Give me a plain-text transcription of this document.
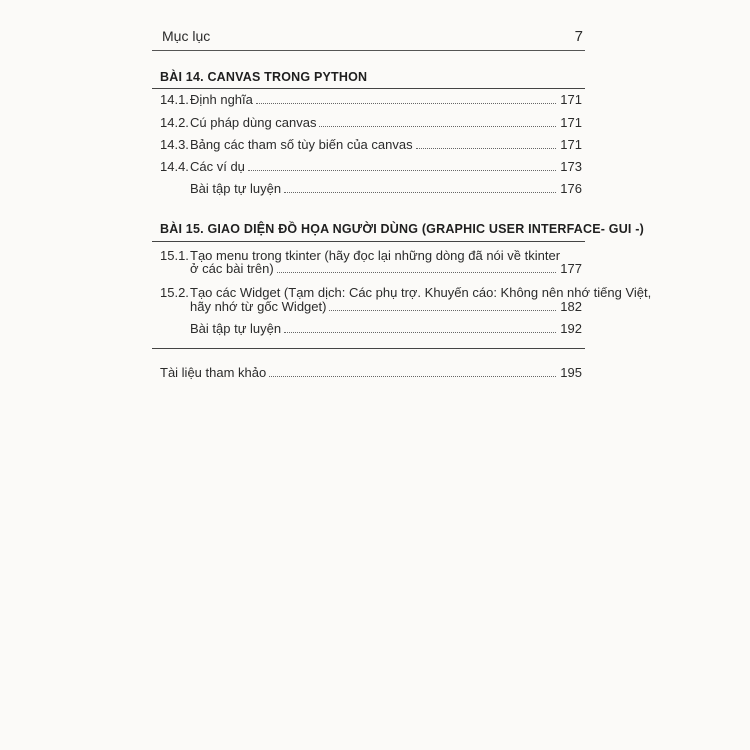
Mục lục	7
BÀI 14. CANVAS TRONG PYTHON
14.1. Định nghĩa	171
14.2. Cú pháp dùng canvas	171
14.3. Bảng các tham số tùy biến của canvas	171
14.4. Các ví dụ	173
Bài tập tự luyện	176
BÀI 15. GIAO DIỆN ĐỒ HỌA NGƯỜI DÙNG (GRAPHIC USER INTERFACE- GUI -)
15.1. Tạo menu trong tkinter (hãy đọc lại những dòng đã nói về tkinter
ở các bài trên)	177
15.2. Tạo các Widget (Tạm dịch: Các phụ trợ. Khuyến cáo: Không nên nhớ tiếng Việt,
hãy nhớ từ gốc Widget)	182
Bài tập tự luyện	192
Tài liệu tham khảo	195
